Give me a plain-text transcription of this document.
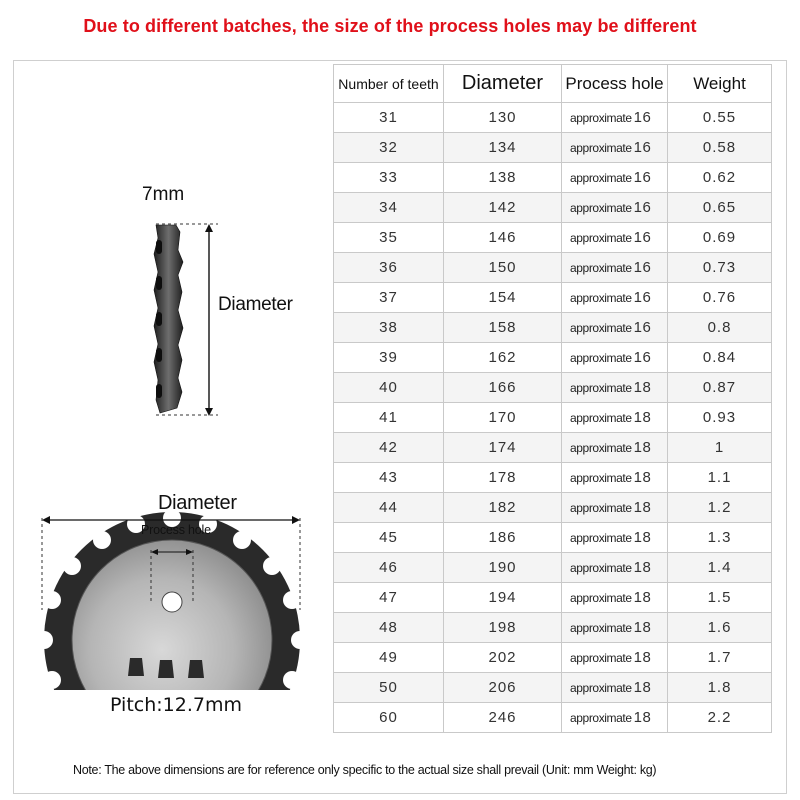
Due to different batches, the size of the process holes may be different
7mm
Diameter
Diameter
Process hole
Pitch:12.7mm
Number of teeth	Diameter	Process hole	Weight
31	130	approximate 16	0.55
32	134	approximate 16	0.58
33	138	approximate 16	0.62
34	142	approximate 16	0.65
35	146	approximate 16	0.69
36	150	approximate 16	0.73
37	154	approximate 16	0.76
38	158	approximate 16	0.8
39	162	approximate 16	0.84
40	166	approximate 18	0.87
41	170	approximate 18	0.93
42	174	approximate 18	1
43	178	approximate 18	1.1
44	182	approximate 18	1.2
45	186	approximate 18	1.3
46	190	approximate 18	1.4
47	194	approximate 18	1.5
48	198	approximate 18	1.6
49	202	approximate 18	1.7
50	206	approximate 18	1.8
60	246	approximate 18	2.2
Note: The above dimensions are for reference only specific to the actual size shall prevail (Unit: mm Weight: kg)
